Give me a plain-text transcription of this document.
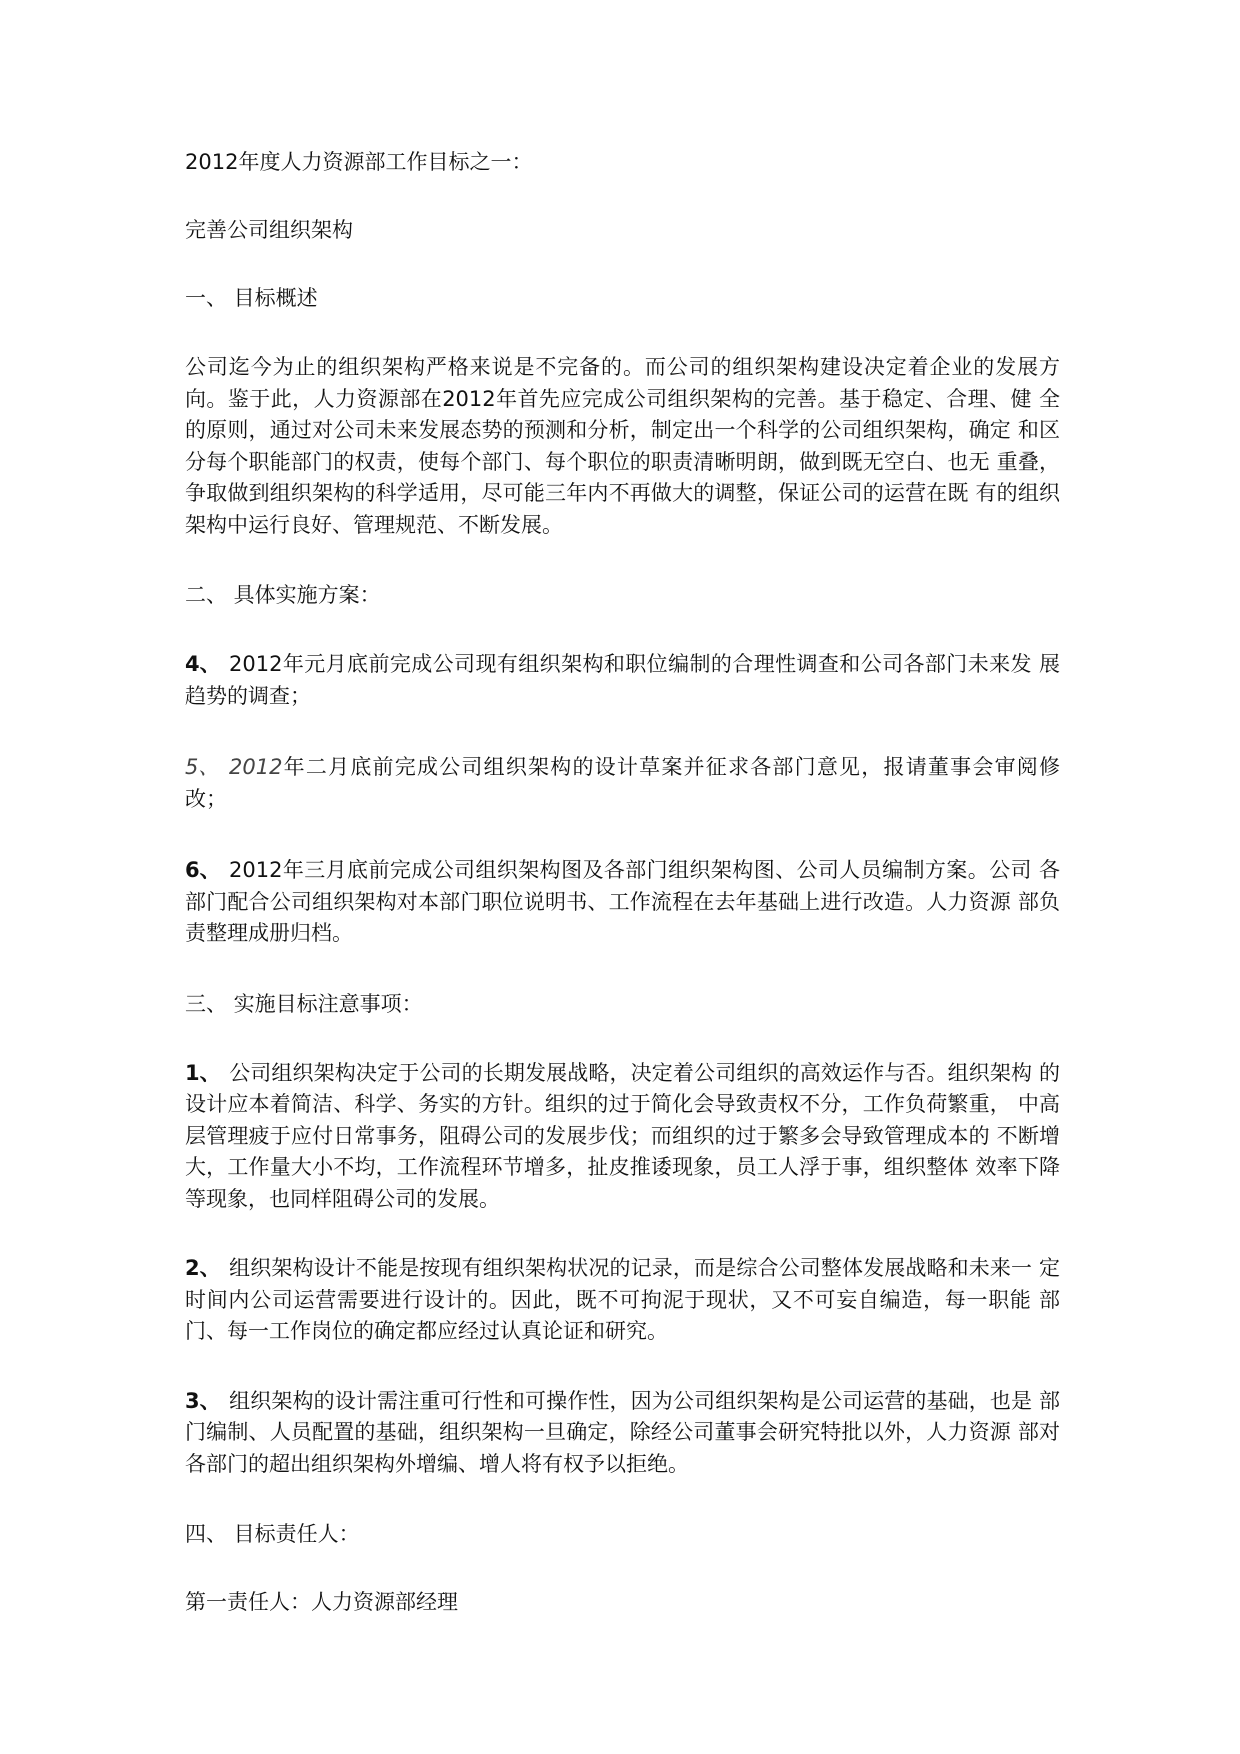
2012年度人力资源部工作目标之一：

完善公司组织架构

一、 目标概述

公司迄今为止的组织架构严格来说是不完备的。而公司的组织架构建设决定着企业的发展方 向。鉴于此，人力资源部在2012年首先应完成公司组织架构的完善。基于稳定、合理、健 全的原则，通过对公司未来发展态势的预测和分析，制定出一个科学的公司组织架构，确定 和区分每个职能部门的权责，使每个部门、每个职位的职责清晰明朗，做到既无空白、也无 重叠，争取做到组织架构的科学适用，尽可能三年内不再做大的调整，保证公司的运营在既 有的组织架构中运行良好、管理规范、不断发展。

二、 具体实施方案：

4、 2012年元月底前完成公司现有组织架构和职位编制的合理性调查和公司各部门未来发 展趋势的调查；

5、 2012年二月底前完成公司组织架构的设计草案并征求各部门意见，报请董事会审阅修 改；

6、 2012年三月底前完成公司组织架构图及各部门组织架构图、公司人员编制方案。公司 各部门配合公司组织架构对本部门职位说明书、工作流程在去年基础上进行改造。人力资源 部负责整理成册归档。

三、 实施目标注意事项：

1、 公司组织架构决定于公司的长期发展战略，决定着公司组织的高效运作与否。组织架构 的设计应本着简洁、科学、务实的方针。组织的过于简化会导致责权不分，工作负荷繁重， 中高层管理疲于应付日常事务，阻碍公司的发展步伐；而组织的过于繁多会导致管理成本的 不断增大，工作量大小不均，工作流程环节增多，扯皮推诿现象，员工人浮于事，组织整体 效率下降等现象，也同样阻碍公司的发展。

2、 组织架构设计不能是按现有组织架构状况的记录，而是综合公司整体发展战略和未来一 定时间内公司运营需要进行设计的。因此，既不可拘泥于现状，又不可妄自编造，每一职能 部门、每一工作岗位的确定都应经过认真论证和研究。

3、 组织架构的设计需注重可行性和可操作性，因为公司组织架构是公司运营的基础，也是 部门编制、人员配置的基础，组织架构一旦确定，除经公司董事会研究特批以外，人力资源 部对各部门的超出组织架构外增编、增人将有权予以拒绝。

四、 目标责任人：

第一责任人：人力资源部经理
